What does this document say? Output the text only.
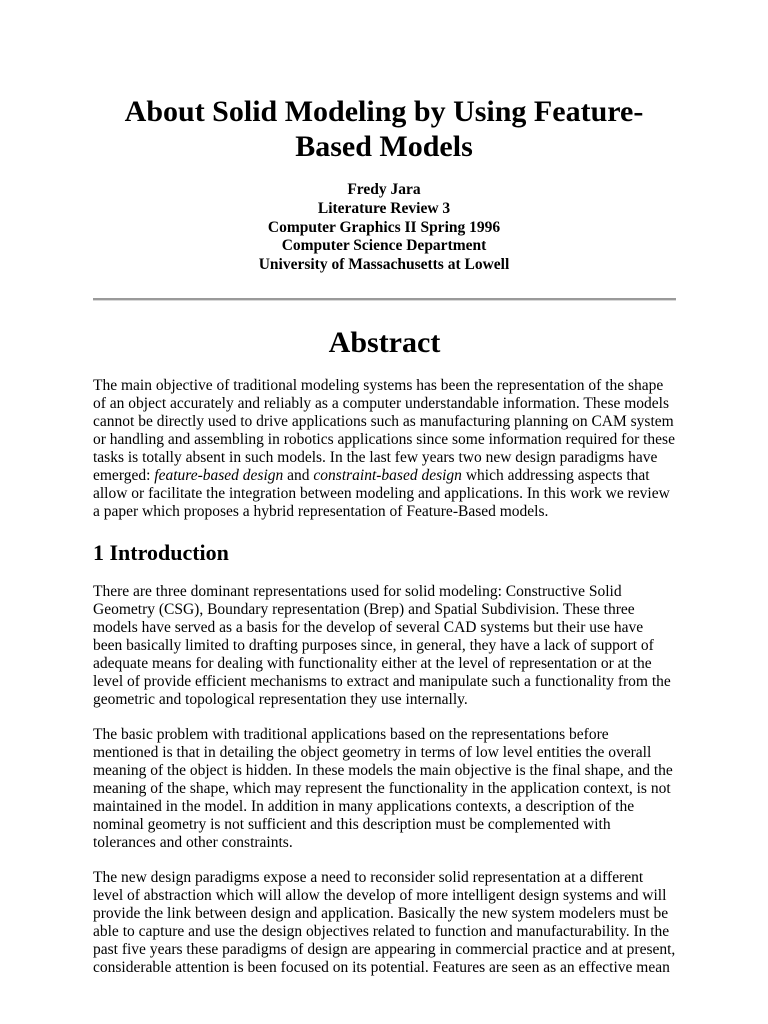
About Solid Modeling by Using Feature-
Based Models
Fredy Jara
Literature Review 3
Computer Graphics II Spring 1996
Computer Science Department
University of Massachusetts at Lowell
Abstract

The main objective of traditional modeling systems has been the representation of the shape
of an object accurately and reliably as a computer understandable information. These models
cannot be directly used to drive applications such as manufacturing planning on CAM system
or handling and assembling in robotics applications since some information required for these
tasks is totally absent in such models. In the last few years two new design paradigms have
emerged: feature-based design and constraint-based design which addressing aspects that
allow or facilitate the integration between modeling and applications. In this work we review
a paper which proposes a hybrid representation of Feature-Based models.

1 Introduction

There are three dominant representations used for solid modeling: Constructive Solid
Geometry (CSG), Boundary representation (Brep) and Spatial Subdivision. These three
models have served as a basis for the develop of several CAD systems but their use have
been basically limited to drafting purposes since, in general, they have a lack of support of
adequate means for dealing with functionality either at the level of representation or at the
level of provide efficient mechanisms to extract and manipulate such a functionality from the
geometric and topological representation they use internally.

The basic problem with traditional applications based on the representations before
mentioned is that in detailing the object geometry in terms of low level entities the overall
meaning of the object is hidden. In these models the main objective is the final shape, and the
meaning of the shape, which may represent the functionality in the application context, is not
maintained in the model. In addition in many applications contexts, a description of the
nominal geometry is not sufficient and this description must be complemented with
tolerances and other constraints.

The new design paradigms expose a need to reconsider solid representation at a different
level of abstraction which will allow the develop of more intelligent design systems and will
provide the link between design and application. Basically the new system modelers must be
able to capture and use the design objectives related to function and manufacturability. In the
past five years these paradigms of design are appearing in commercial practice and at present,
considerable attention is been focused on its potential. Features are seen as an effective mean
